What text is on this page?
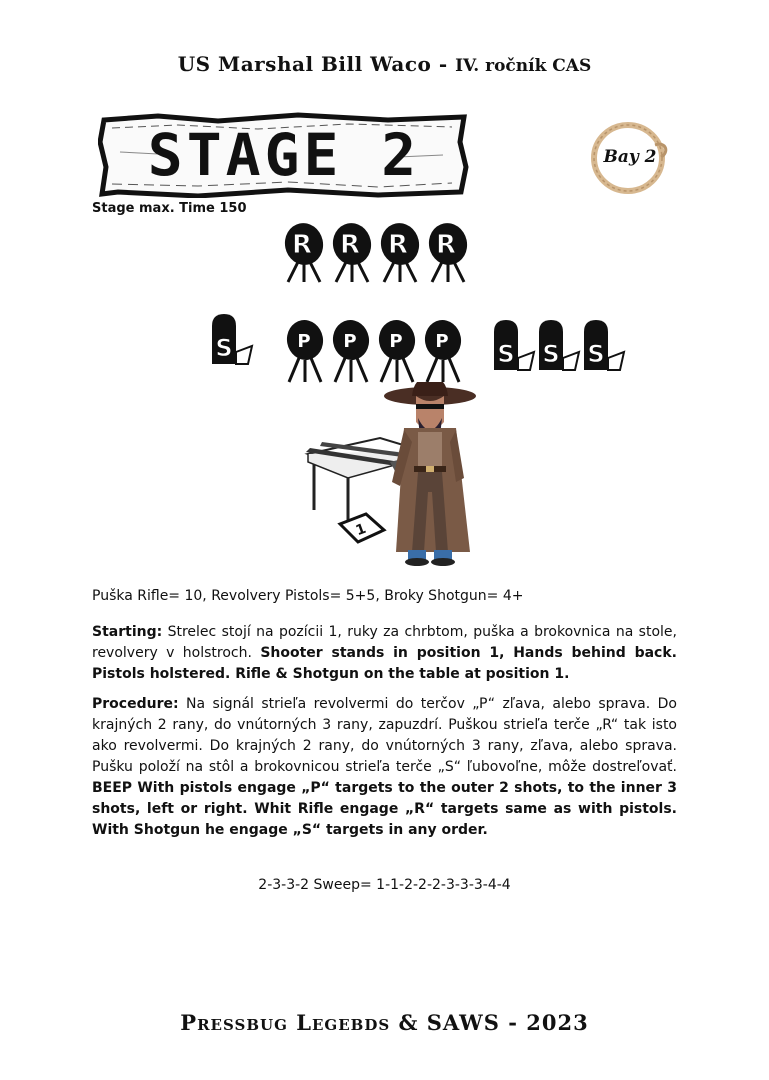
US Marshal Bill Waco - IV. ročník CAS
STAGE 2	Bay 2
Stage max. Time 150
R R R R
S	P P P P S S S
1
Puška Rifle= 10, Revolvery Pistols= 5+5, Broky Shotgun= 4+
Starting: Strelec stojí na pozícii 1, ruky za chrbtom, puška a brokovnica na stole, revolvery v holstroch. Shooter stands in position 1, Hands behind back. Pistols holstered. Rifle & Shotgun on the table at position 1.
Procedure: Na signál strieľa revolvermi do terčov „P“ zľava, alebo sprava. Do krajných 2 rany, do vnútorných 3 rany, zapuzdrí. Puškou strieľa terče „R“ tak isto ako revolvermi. Do krajných 2 rany, do vnútorných 3 rany, zľava, alebo sprava. Pušku položí na stôl a brokovnicou strieľa terče „S“ ľubovoľne, môže dostreľovať. BEEP With pistols engage „P“ targets to the outer 2 shots, to the inner 3 shots, left or right. Whit Rifle engage „R“ targets same as with pistols. With Shotgun he engage „S“ targets in any order.
2-3-3-2 Sweep= 1-1-2-2-2-3-3-3-4-4
Pressbug Legebds & SAWS - 2023
